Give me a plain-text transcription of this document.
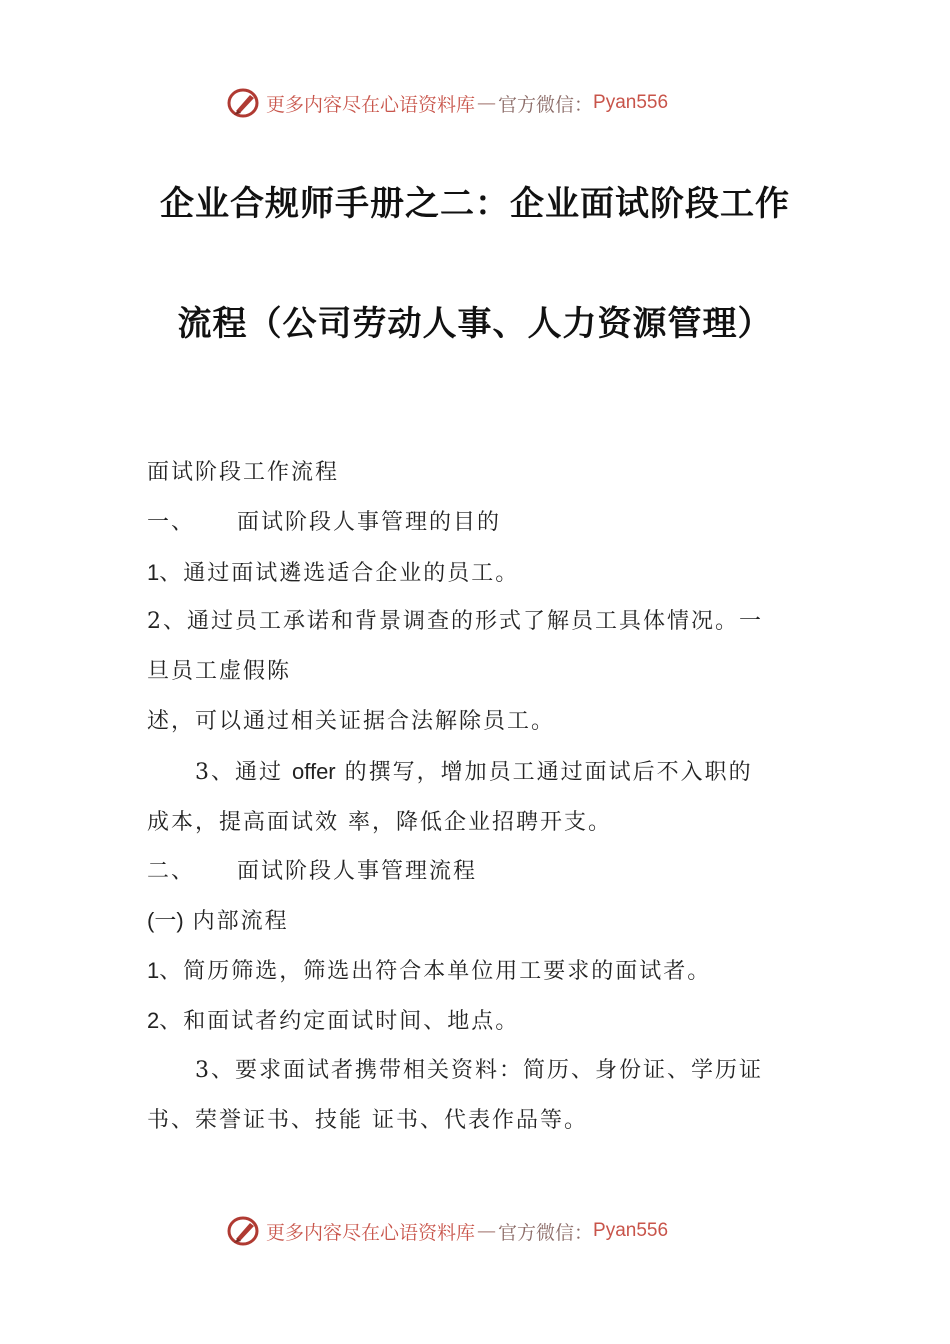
更多内容尽在心语资料库 — 官方微信： Pyan556
企业合规师手册之二：企业面试阶段工作
流程（公司劳动人事、人力资源管理）
面试阶段工作流程
一、 面试阶段人事管理的目的
1、通过面试遴选适合企业的员工。
2、通过员工承诺和背景调查的形式了解员工具体情况。一
旦员工虚假陈
述，可以通过相关证据合法解除员工。
3、通过 offer 的撰写，增加员工通过面试后不入职的
成本，提高面试效 率，降低企业招聘开支。
二、 面试阶段人事管理流程
(一) 内部流程
1、简历筛选，筛选出符合本单位用工要求的面试者。
2、和面试者约定面试时间、地点。
3、要求面试者携带相关资料：简历、身份证、学历证
书、荣誉证书、技能 证书、代表作品等。
更多内容尽在心语资料库 — 官方微信： Pyan556
